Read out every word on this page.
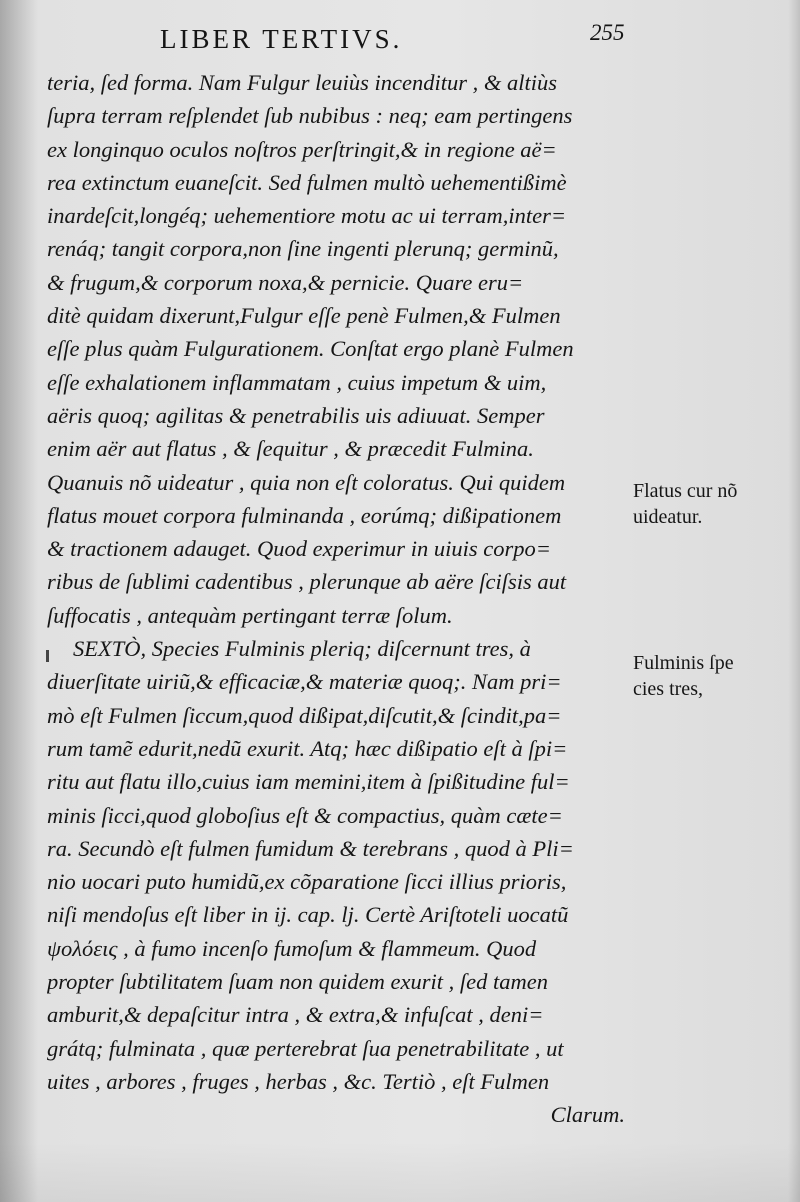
LIBER TERTIVS.	255
teria, ſed forma. Nam Fulgur leuiùs incenditur , & altiùs
ſupra terram reſplendet ſub nubibus : neq; eam pertingens
ex longinquo oculos noſtros perſtringit,& in regione aë=
rea extinctum euaneſcit. Sed fulmen multò uehementißimè
inardeſcit,longéq; uehementiore motu ac ui terram,inter=
renáq; tangit corpora,non ſine ingenti plerunq; germinũ,
& frugum,& corporum noxa,& pernicie. Quare eru=
ditè quidam dixerunt,Fulgur eſſe penè Fulmen,& Fulmen
eſſe plus quàm Fulgurationem. Conſtat ergo planè Fulmen
eſſe exhalationem inflammatam , cuius impetum & uim,
aëris quoq; agilitas & penetrabilis uis adiuuat. Semper
enim aër aut flatus , & ſequitur , & præcedit Fulmina.
Quanuis nõ uideatur , quia non eſt coloratus. Qui quidem
flatus mouet corpora fulminanda , eorúmq; dißipationem
& tractionem adauget. Quod experimur in uiuis corpo=
ribus de ſublimi cadentibus , plerunque ab aëre ſciſsis aut
ſuffocatis , antequàm pertingant terræ ſolum.
SEXTÒ, Species Fulminis pleriq; diſcernunt tres, à
diuerſitate uiriũ,& efficaciæ,& materiæ quoq;. Nam pri=
mò eſt Fulmen ſiccum,quod dißipat,diſcutit,& ſcindit,pa=
rum tamẽ edurit,nedũ exurit. Atq; hæc dißipatio eſt à ſpi=
ritu aut flatu illo,cuius iam memini,item à ſpißitudine ful=
minis ſicci,quod globoſius eſt & compactius, quàm cæte=
ra. Secundò eſt fulmen fumidum & terebrans , quod à Pli=
nio uocari puto humidũ,ex cõparatione ſicci illius prioris,
niſi mendoſus eſt liber in ij. cap. lj. Certè Ariſtoteli uocatũ
ψολόεις , à fumo incenſo fumoſum & flammeum. Quod
propter ſubtilitatem ſuam non quidem exurit , ſed tamen
amburit,& depaſcitur intra , & extra,& infuſcat , deni=
grátq; fulminata , quæ perterebrat ſua penetrabilitate , ut
uites , arbores , fruges , herbas , &c. Tertiò , eſt Fulmen
Clarum.
Flatus cur nõ
uideatur.
Fulminis ſpe
cies tres,
